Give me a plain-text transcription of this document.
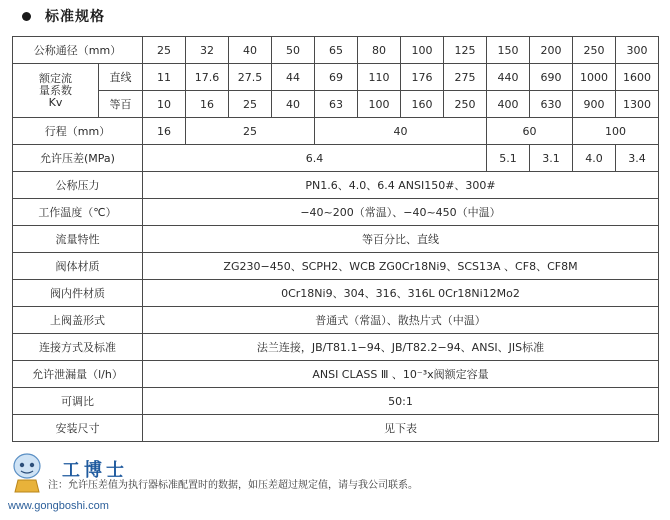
标准规格
公称通径（mm）		25	32	40	50	65	80	100	125	150	200	250	300

额定流
量系数
Kv	直线	11	17.6	27.5	44	69	110	176	275	440	690	1000	1600
	等百	10	16	25	40	63	100	160	250	400	630	900	1300
行程（mm）		16	25			40				60		100	
允许压差(MPa)		6.4								5.1	3.1	4.0	3.4
公称压力		PN1.6、4.0、6.4 ANSI150#、300#											
工作温度（℃）		−40~200（常温）、−40~450（中温）											
流量特性		等百分比、直线											
阀体材质		ZG230−450、SCPH2、WCB ZG0Cr18Ni9、SCS13A 、CF8、CF8M											
阀内件材质		0Cr18Ni9、304、316、316L 0Cr18Ni12Mo2											
上阀盖形式		普通式（常温）、散热片式（中温）											
连接方式及标准		法兰连接，JB/T81.1−94、JB/T82.2−94、ANSI、JIS标准											
允许泄漏量（l/h）		ANSI CLASS Ⅲ 、10⁻³x阀额定容量											
可调比		50:1											
安装尺寸		见下表											
工博士
注：允许压差值为执行器标准配置时的数据，如压差超过规定值，请与我公司联系。
www.gongboshi.com
